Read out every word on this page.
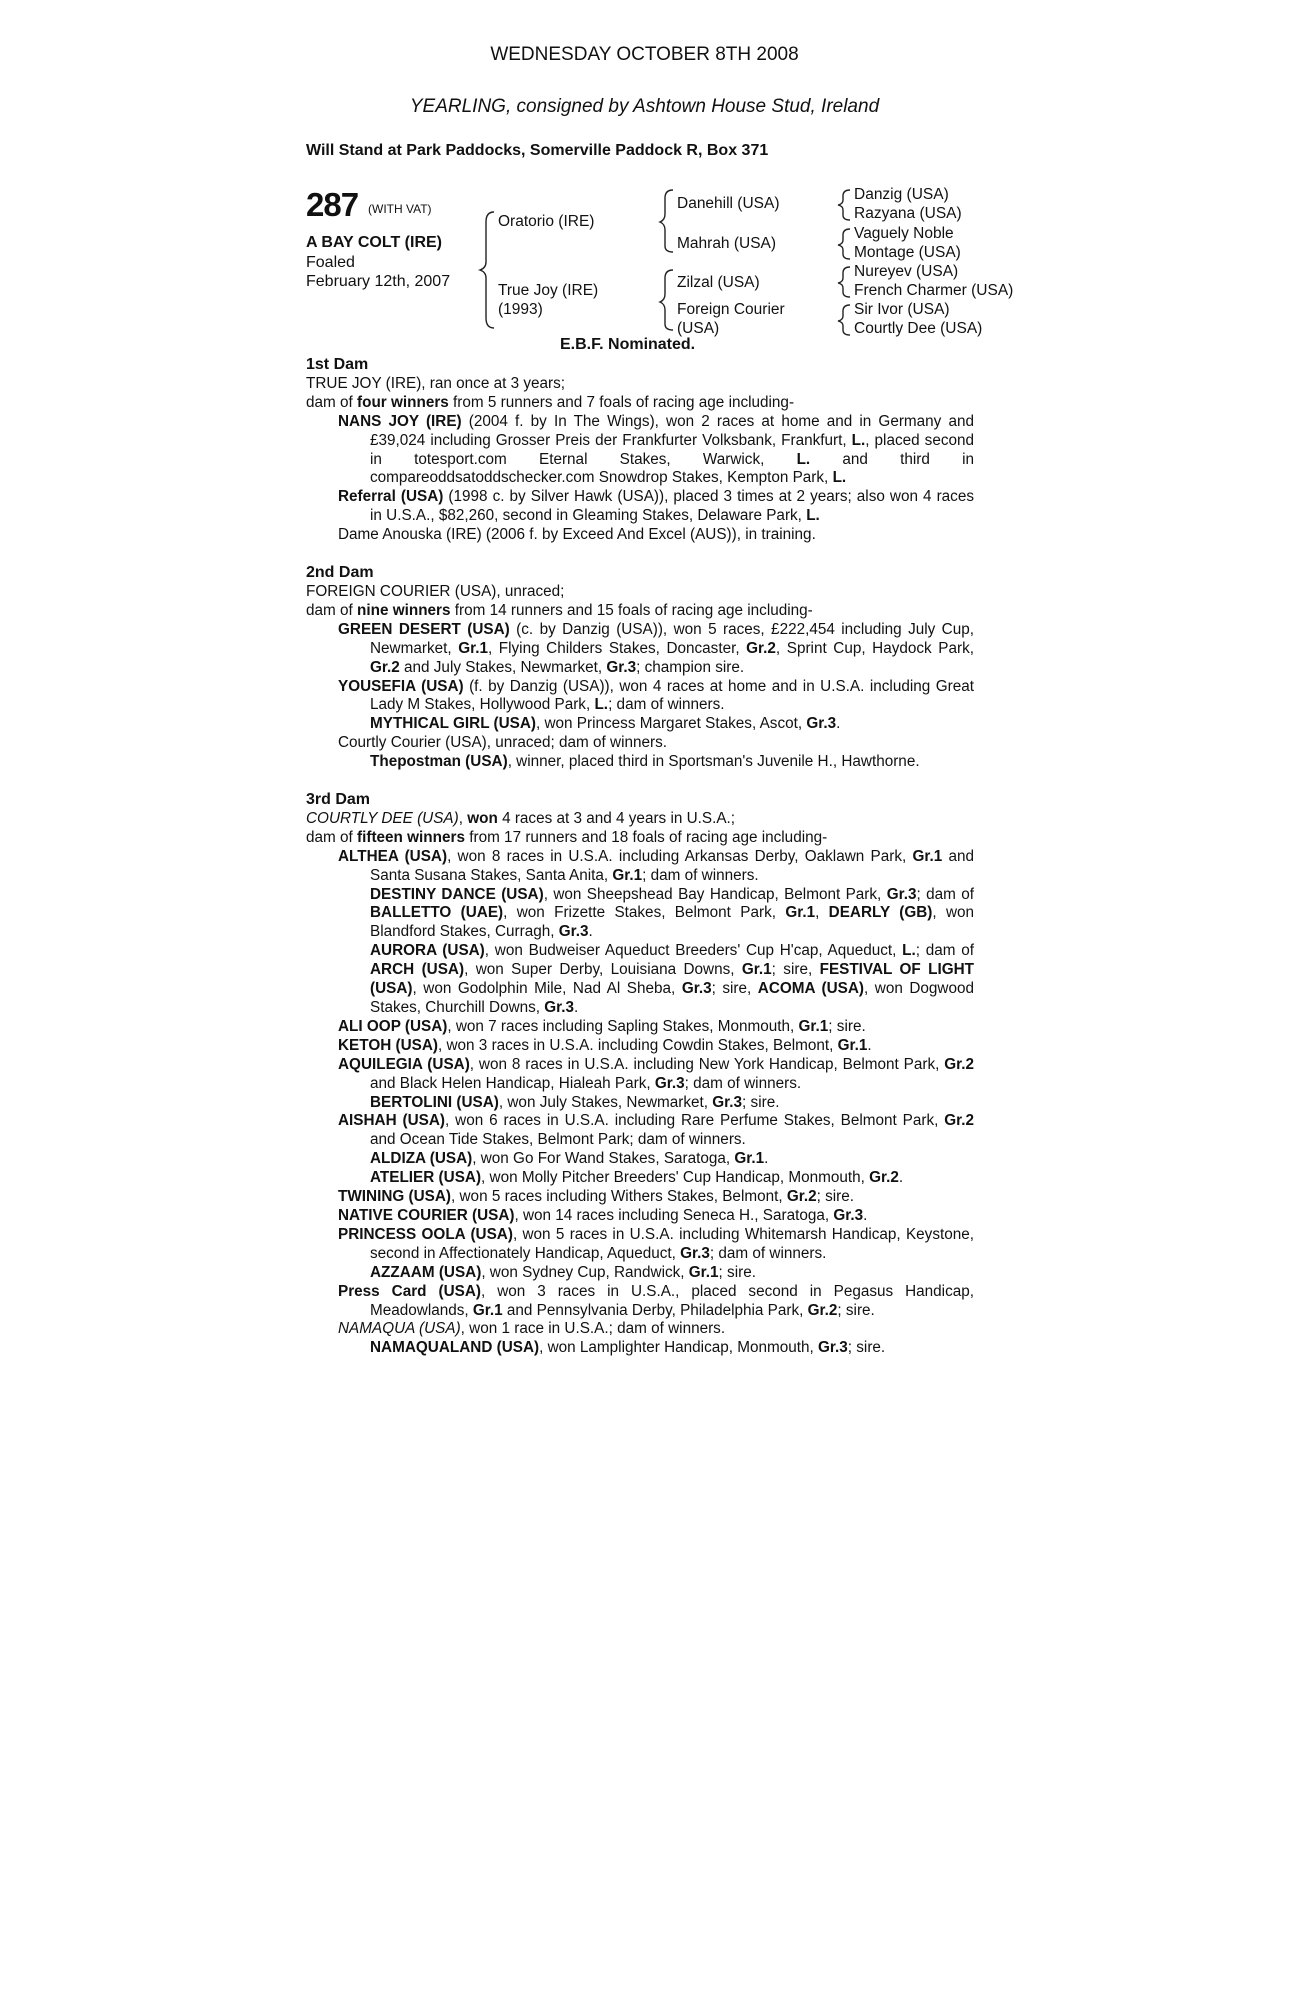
WEDNESDAY OCTOBER 8TH 2008
YEARLING, consigned by Ashtown House Stud, Ireland
Will Stand at Park Paddocks, Somerville Paddock R, Box 371
287 (WITH VAT)
A BAY COLT (IRE)
Foaled
February 12th, 2007
Oratorio (IRE)
True Joy (IRE)
(1993)
Danehill (USA)
Mahrah (USA)
Zilzal (USA)
Foreign Courier
(USA)
Danzig (USA)
Razyana (USA)
Vaguely Noble
Montage (USA)
Nureyev (USA)
French Charmer (USA)
Sir Ivor (USA)
Courtly Dee (USA)
E.B.F. Nominated.

1st Dam

TRUE JOY (IRE), ran once at 3 years;

dam of four winners from 5 runners and 7 foals of racing age including-

NANS JOY (IRE) (2004 f. by In The Wings), won 2 races at home and in Germany and £39,024 including Grosser Preis der Frankfurter Volksbank, Frankfurt, L., placed second in totesport.com Eternal Stakes, Warwick, L. and third in compareoddsatoddschecker.com Snowdrop Stakes, Kempton Park, L.

Referral (USA) (1998 c. by Silver Hawk (USA)), placed 3 times at 2 years; also won 4 races in U.S.A., $82,260, second in Gleaming Stakes, Delaware Park, L.

Dame Anouska (IRE) (2006 f. by Exceed And Excel (AUS)), in training.

2nd Dam

FOREIGN COURIER (USA), unraced;

dam of nine winners from 14 runners and 15 foals of racing age including-

GREEN DESERT (USA) (c. by Danzig (USA)), won 5 races, £222,454 including July Cup, Newmarket, Gr.1, Flying Childers Stakes, Doncaster, Gr.2, Sprint Cup, Haydock Park, Gr.2 and July Stakes, Newmarket, Gr.3; champion sire.

YOUSEFIA (USA) (f. by Danzig (USA)), won 4 races at home and in U.S.A. including Great Lady M Stakes, Hollywood Park, L.; dam of winners.

MYTHICAL GIRL (USA), won Princess Margaret Stakes, Ascot, Gr.3.

Courtly Courier (USA), unraced; dam of winners.

Thepostman (USA), winner, placed third in Sportsman's Juvenile H., Hawthorne.

3rd Dam

COURTLY DEE (USA), won 4 races at 3 and 4 years in U.S.A.;

dam of fifteen winners from 17 runners and 18 foals of racing age including-

ALTHEA (USA), won 8 races in U.S.A. including Arkansas Derby, Oaklawn Park, Gr.1 and Santa Susana Stakes, Santa Anita, Gr.1; dam of winners.

DESTINY DANCE (USA), won Sheepshead Bay Handicap, Belmont Park, Gr.3; dam of BALLETTO (UAE), won Frizette Stakes, Belmont Park, Gr.1, DEARLY (GB), won Blandford Stakes, Curragh, Gr.3.

AURORA (USA), won Budweiser Aqueduct Breeders' Cup H'cap, Aqueduct, L.; dam of ARCH (USA), won Super Derby, Louisiana Downs, Gr.1; sire, FESTIVAL OF LIGHT (USA), won Godolphin Mile, Nad Al Sheba, Gr.3; sire, ACOMA (USA), won Dogwood Stakes, Churchill Downs, Gr.3.

ALI OOP (USA), won 7 races including Sapling Stakes, Monmouth, Gr.1; sire.

KETOH (USA), won 3 races in U.S.A. including Cowdin Stakes, Belmont, Gr.1.

AQUILEGIA (USA), won 8 races in U.S.A. including New York Handicap, Belmont Park, Gr.2 and Black Helen Handicap, Hialeah Park, Gr.3; dam of winners.

BERTOLINI (USA), won July Stakes, Newmarket, Gr.3; sire.

AISHAH (USA), won 6 races in U.S.A. including Rare Perfume Stakes, Belmont Park, Gr.2 and Ocean Tide Stakes, Belmont Park; dam of winners.

ALDIZA (USA), won Go For Wand Stakes, Saratoga, Gr.1.

ATELIER (USA), won Molly Pitcher Breeders' Cup Handicap, Monmouth, Gr.2.

TWINING (USA), won 5 races including Withers Stakes, Belmont, Gr.2; sire.

NATIVE COURIER (USA), won 14 races including Seneca H., Saratoga, Gr.3.

PRINCESS OOLA (USA), won 5 races in U.S.A. including Whitemarsh Handicap, Keystone, second in Affectionately Handicap, Aqueduct, Gr.3; dam of winners.

AZZAAM (USA), won Sydney Cup, Randwick, Gr.1; sire.

Press Card (USA), won 3 races in U.S.A., placed second in Pegasus Handicap, Meadowlands, Gr.1 and Pennsylvania Derby, Philadelphia Park, Gr.2; sire.

NAMAQUA (USA), won 1 race in U.S.A.; dam of winners.

NAMAQUALAND (USA), won Lamplighter Handicap, Monmouth, Gr.3; sire.
